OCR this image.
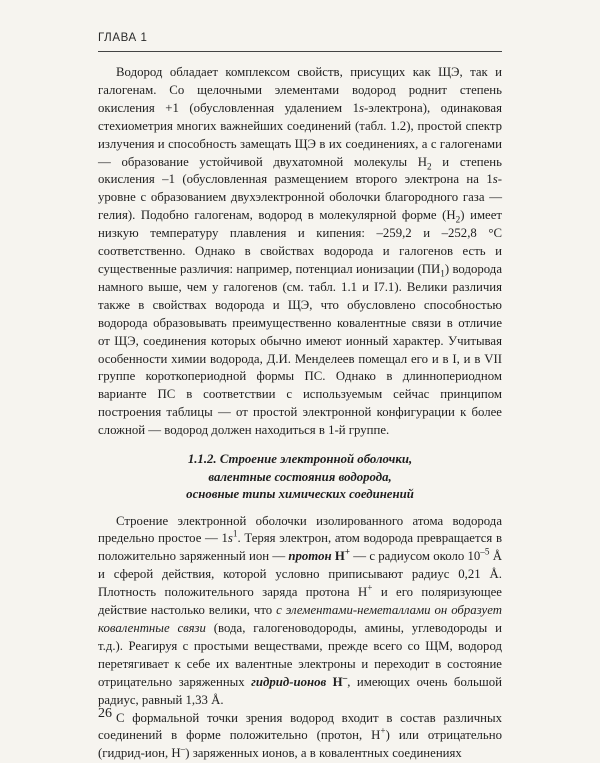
ГЛАВА 1

Водород обладает комплексом свойств, присущих как ЩЭ, так и галогенам. Со щелочными элементами водород роднит степень окисления +1 (обусловленная удалением 1s-электрона), одинаковая стехиометрия многих важнейших соединений (табл. 1.2), простой спектр излучения и способность замещать ЩЭ в их соединениях, а с галогенами — образование устойчивой двухатомной молекулы $H_2$ и степень окисления –1 (обусловленная размещением второго электрона на 1s-уровне с образованием двухэлектронной оболочки благородного газа — гелия). Подобно галогенам, водород в молекулярной форме $(H_2)$ имеет низкую температуру плавления и кипения: –259,2 и –252,8 °С соответственно. Однако в свойствах водорода и галогенов есть и существенные различия: например, потенциал ионизации $(ПИ_1)$ водорода намного выше, чем у галогенов (см. табл. 1.1 и I7.1). Велики различия также в свойствах водорода и ЩЭ, что обусловлено способностью водорода образовывать преимущественно ковалентные связи в отличие от ЩЭ, соединения которых обычно имеют ионный характер. Учитывая особенности химии водорода, Д.И. Менделеев помещал его и в I, и в VII группе короткопериодной формы ПС. Однако в длиннопериодном варианте ПС в соответствии с используемым сейчас принципом построения таблицы — от простой электронной конфигурации к более сложной — водород должен находиться в 1-й группе.

1.1.2. Строение электронной оболочки,
валентные состояния водорода,
основные типы химических соединений

Строение электронной оболочки изолированного атома водорода предельно простое — $1s^1$. Теряя электрон, атом водорода превращается в положительно заряженный ион — протон H+ — с радиусом около $10^{-5}$ Å и сферой действия, которой условно приписывают радиус 0,21 Å. Плотность положительного заряда протона H+ и его поляризующее действие настолько велики, что с элементами-неметаллами он образует ковалентные связи (вода, галогеноводороды, амины, углеводороды и т.д.). Реагируя с простыми веществами, прежде всего со ЩМ, водород перетягивает к себе их валентные электроны и переходит в состояние отрицательно заряженных гидрид-ионов H–, имеющих очень большой радиус, равный 1,33 Å.

С формальной точки зрения водород входит в состав различных соединений в форме положительно (протон, H+) или отрицательно (гидрид-ион, H–) заряженных ионов, а в ковалентных соединениях

26
